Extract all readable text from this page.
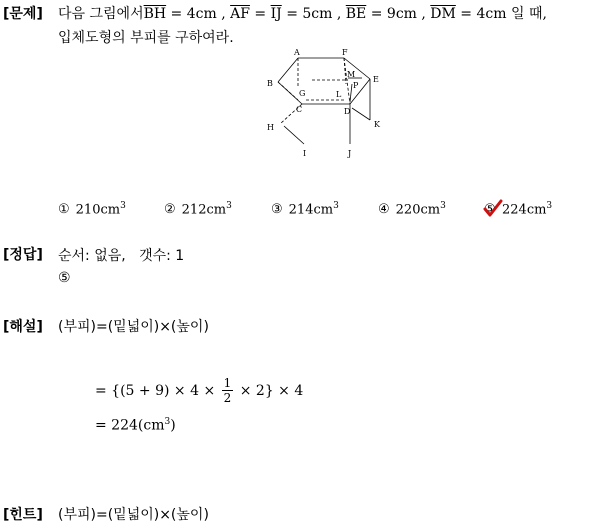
[문제] 다음 그림에서$\overline{BH} = 4cm$ , $\overline{AF} = \overline{IJ} = 5cm$ , $\overline{BE} = 9cm$ , $\overline{DM} = 4cm$ 일 때,
입체도형의 부피를 구하여라.
A	F
B	E
M
P
G	L
C	D
H	K
I	J
① $210cm^3$	② $212cm^3$	③ $214cm^3$	④ $220cm^3$	⑤ $224cm^3$
[정답] 순서: 없음,   갯수: 1
⑤
[해설] (부피)=(밑넓이)×(높이)
= $\{(5 + 9) \times 4 \times \frac{1}{2} \times 2\} \times 4$
= $224(cm^3)$
[힌트] (부피)=(밑넓이)×(높이)
